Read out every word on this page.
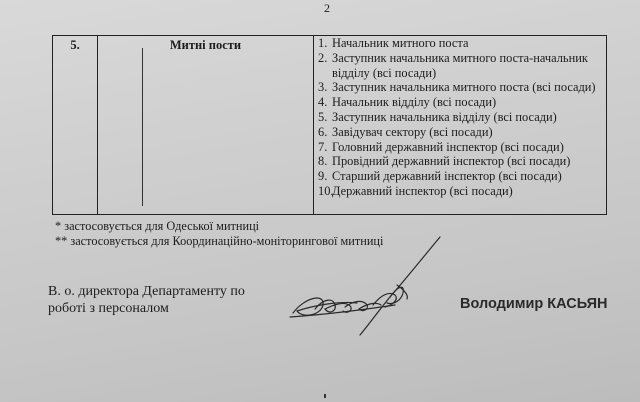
2
5.	Митні пости	1. Начальник митного поста
2. Заступник начальника митного поста-начальник відділу (всі посади)
3. Заступник начальника митного поста (всі посади)
4. Начальник відділу (всі посади)
5. Заступник начальника відділу (всі посади)
6. Завідувач сектору (всі посади)
7. Головний державний інспектор (всі посади)
8. Провідний державний інспектор (всі посади)
9. Старший державний інспектор (всі посади)
10.
Державний інспектор (всі посади)

* застосовується для Одеської митниці

** застосовується для Координаційно-моніторингової митниці

В. о. директора Департаменту по

роботі з персоналом	Володимир КАСЬЯН
